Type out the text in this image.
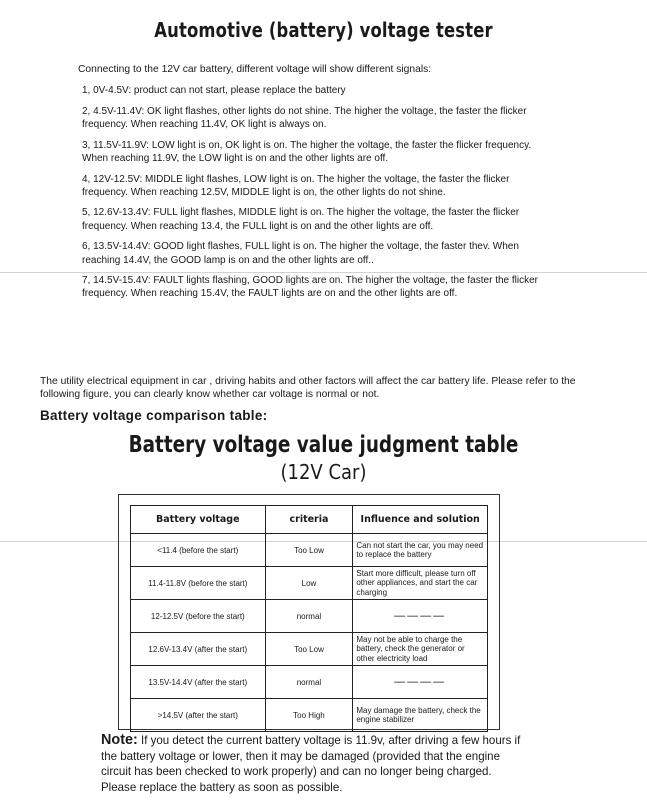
Automotive (battery) voltage tester
Connecting to the 12V car battery, different voltage will show different signals:
1, 0V-4.5V: product can not start, please replace the battery
2, 4.5V-11.4V: OK light flashes, other lights do not shine. The higher the voltage, the faster the flicker frequency. When reaching 11.4V, OK light is always on.
3, 11.5V-11.9V: LOW light is on, OK light is on. The higher the voltage, the faster the flicker frequency. When reaching 11.9V, the LOW light is on and the other lights are off.
4, 12V-12.5V: MIDDLE light flashes, LOW light is on. The higher the voltage, the faster the flicker frequency. When reaching 12.5V, MIDDLE light is on, the other lights do not shine.
5, 12.6V-13.4V: FULL light flashes, MIDDLE light is on. The higher the voltage, the faster the flicker frequency. When reaching 13.4, the FULL light is on and the other lights are off.
6, 13.5V-14.4V: GOOD light flashes, FULL light is on. The higher the voltage, the faster thev. When reaching 14.4V, the GOOD lamp is on and the other lights are off..
7, 14.5V-15.4V: FAULT lights flashing, GOOD lights are on. The higher the voltage, the faster the flicker frequency. When reaching 15.4V, the FAULT lights are on and the other lights are off.
The utility electrical equipment in car , driving habits and other factors will affect the car battery life. Please refer to the following figure, you can clearly know whether car voltage is normal or not.
Battery voltage comparison table:
Battery voltage value judgment table
(12V Car)
Battery voltage	criteria	Influence and solution
<11.4 (before the start)	Too Low	Can not start the car, you may need to replace the battery
11.4-11.8V (before the start)	Low	Start more difficult, please turn off other appliances, and start the car charging
12-12.5V (before the start)	normal	————
12.6V-13.4V (after the start)	Too Low	May not be able to charge the battery, check the generator or other electricity load
13.5V-14.4V (after the start)	normal	————
>14.5V (after the start)	Too High	May damage the battery, check the engine stabilizer
Note: If you detect the current battery voltage is 11.9v, after driving a few hours if the battery voltage or lower, then it may be damaged (provided that the engine circuit has been checked to work properly) and can no longer being charged. Please replace the battery as soon as possible.
